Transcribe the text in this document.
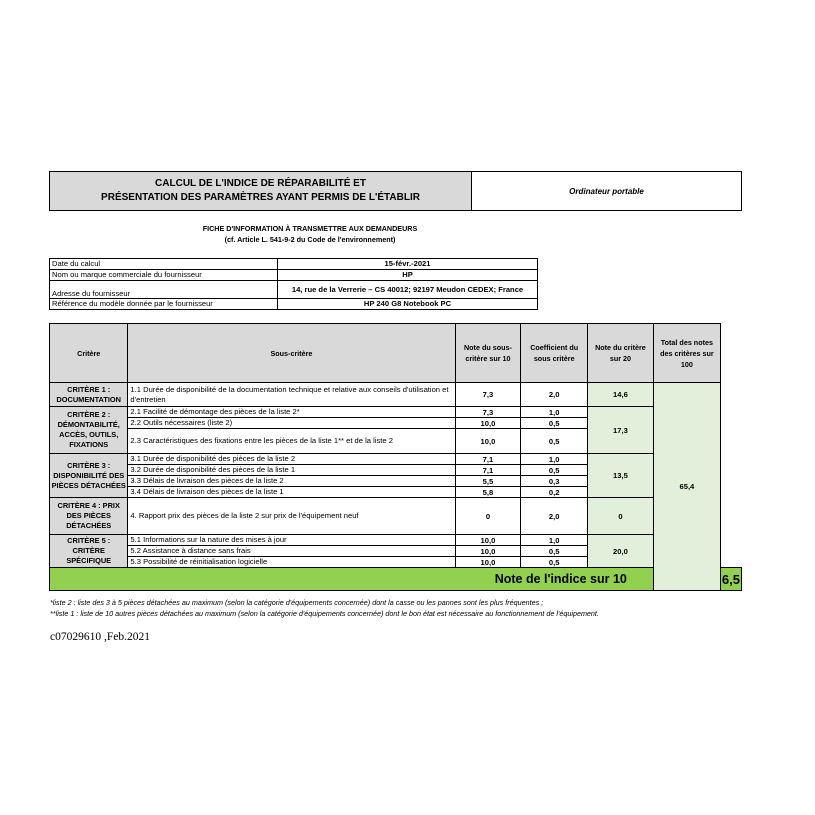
CALCUL DE L'INDICE DE RÉPARABILITÉ ET
PRÉSENTATION DES PARAMÈTRES AYANT PERMIS DE L'ÉTABLIR
Ordinateur portable
FICHE D'INFORMATION À TRANSMETTRE AUX DEMANDEURS
(cf. Article L. 541-9-2 du Code de l'environnement)
Date du calcul	15-févr.-2021
Nom ou marque commerciale du fournisseur	HP
Adresse du fournisseur	14, rue de la Verrerie – CS 40012; 92197 Meudon CEDEX; France
Référence du modèle donnée par le fournisseur	HP 240 G8 Notebook PC
Critère	Sous-critère	Note du sous-critère sur 10	Coefficient du sous critère	Note du critère sur 20	Total des notes des critères sur 100	
CRITÈRE 1 : DOCUMENTATION	1.1 Durée de disponibilité de la documentation technique et relative aux conseils d'utilisation et d'entretien	7,3	2,0	14,6	65,4	
CRITÈRE 2 : DÉMONTABILITÉ, ACCÈS, OUTILS, FIXATIONS	2.1 Facilité de démontage des pièces de la liste 2*	7,3	1,0	17,3		
	2.2 Outils nécessaires (liste 2)	10,0	0,5			
	2.3 Caractéristiques des fixations entre les pièces de la liste 1** et de la liste 2	10,0	0,5			
CRITÈRE 3 : DISPONIBILITÉ DES PIÈCES DÉTACHÉES	3.1 Durée de disponibilité des pièces de la liste 2	7,1	1,0	13,5		
	3.2 Durée de disponibilité des pièces de la liste 1	7,1	0,5			
	3.3 Délais de livraison des pièces de la liste 2	5,5	0,3			
	3.4 Délais de livraison des pièces de la liste 1	5,8	0,2			
CRITÈRE 4 : PRIX DES PIÈCES DÉTACHÉES	4. Rapport prix des pièces de la liste 2 sur prix de l'équipement neuf	0	2,0	0		
CRITÈRE 5 : CRITÈRE SPÉCIFIQUE	5.1 Informations sur la nature des mises à jour	10,0	1,0	20,0		
	5.2 Assistance à distance sans frais	10,0	0,5			
	5.3 Possibilité de réinitialisation logicielle	10,0	0,5			
Note de l'indice sur 10						6,5
*liste 2 : liste des 3 à 5 pièces détachées au maximum (selon la catégorie d'équipements concernée) dont la casse ou les pannes sont les plus fréquentes ;
**liste 1 : liste de 10 autres pièces détachées au maximum (selon la catégorie d'équipements concernée) dont le bon état est nécessaire au fonctionnement de l'équipement.
c07029610 ,Feb.2021
